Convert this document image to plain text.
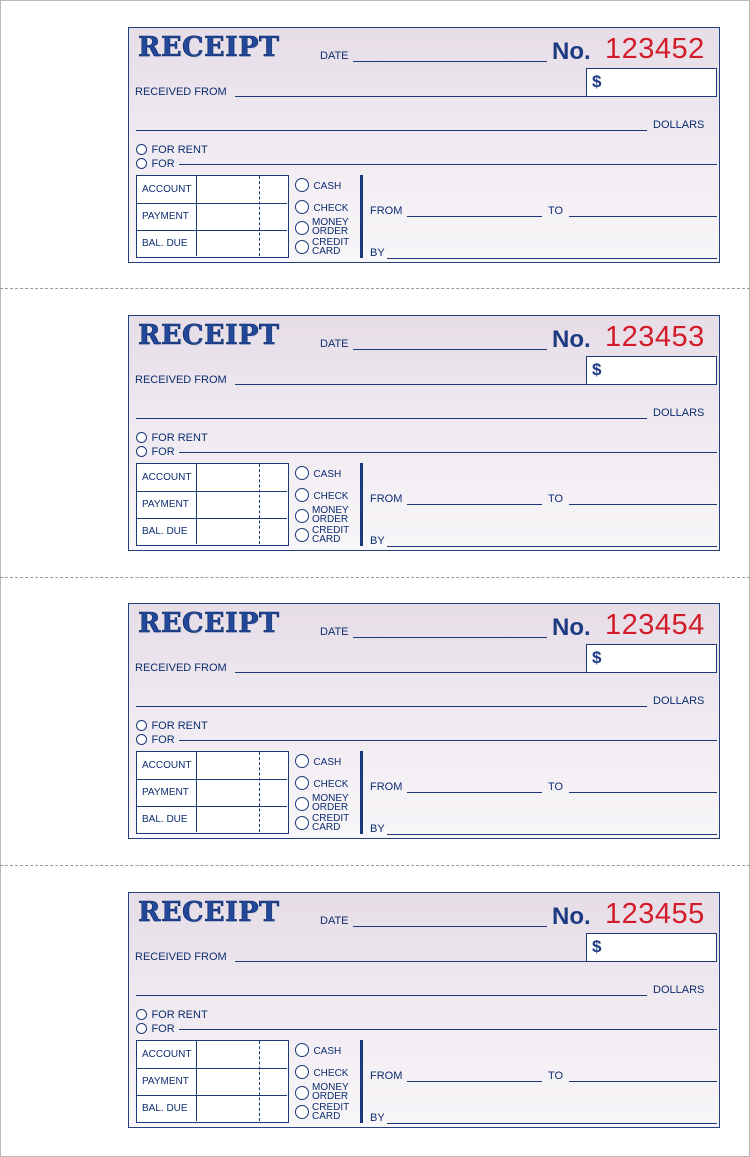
RECEIPT	DATE	No. 123452
$
RECEIVED FROM
DOLLARS
FOR RENT
FOR
ACCOUNT
PAYMENT
BAL. DUE
CASH
CHECK
MONEY
ORDER
CREDIT
CARD
FROM	TO
BY
RECEIPT	DATE	No. 123453
$
RECEIVED FROM
DOLLARS
FOR RENT
FOR
ACCOUNT
PAYMENT
BAL. DUE
CASH
CHECK
MONEY
ORDER
CREDIT
CARD
FROM	TO
BY
RECEIPT	DATE	No. 123454
$
RECEIVED FROM
DOLLARS
FOR RENT
FOR
ACCOUNT
PAYMENT
BAL. DUE
CASH
CHECK
MONEY
ORDER
CREDIT
CARD
FROM	TO
BY
RECEIPT	DATE	No. 123455
$
RECEIVED FROM
DOLLARS
FOR RENT
FOR
ACCOUNT
PAYMENT
BAL. DUE
CASH
CHECK
MONEY
ORDER
CREDIT
CARD
FROM	TO
BY
